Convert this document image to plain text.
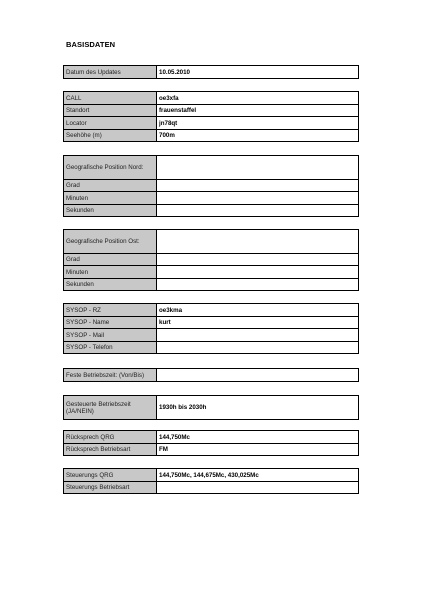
BASISDATEN
Datum des Updates	10.05.2010
CALL	oe3xfa
Standort	frauenstaffel
Locator	jn78qt
Seehöhe (m)	700m
Geografische Position Nord:	
Grad	
Minuten	
Sekunden	
Geografische Position Ost:	
Grad	
Minuten	
Sekunden	
SYSOP - RZ	oe3kma
SYSOP - Name	kurt
SYSOP - Mail	
SYSOP - Telefon	
Feste Betriebszeit: (Von/Bis)	
Gesteuerte Betriebszeit (JA/NEIN)	1930h bis 2030h
Rücksprech QRG	144,750Mc
Rücksprech Betriebsart	FM
Steuerungs QRG	144,750Mc, 144,675Mc, 430,025Mc
Steuerungs Betriebsart	
